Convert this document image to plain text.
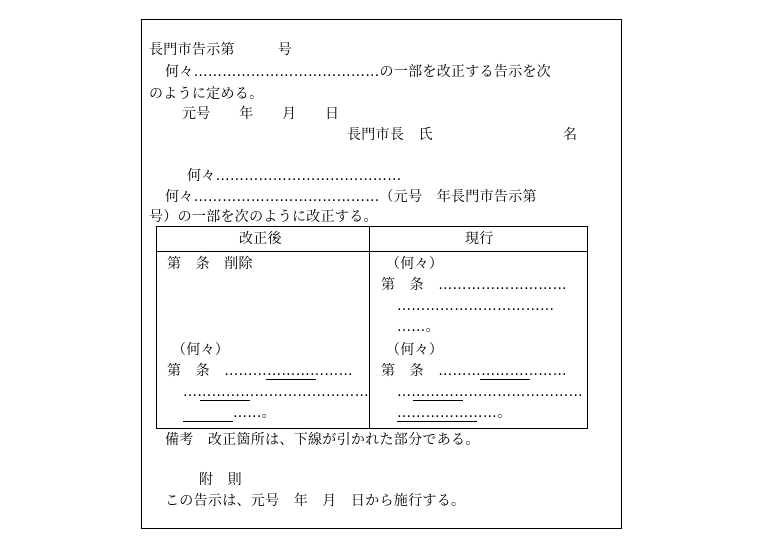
長門市告示第　　　号
何々…………………………………の一部を改正する告示を次
のように定める。
元号　　年　　月　　日
長門市長　氏	名
何々…………………………………
何々…………………………………（元号　年長門市告示第
号）の一部を次のように改正する。
改正後	現行
第　条　削除
（何々）
第　条　………………………
…………………………………
……。
（何々）
第　条　………………………
……………………………
……。
（何々）
第　条　………………………
…………………………………
…………………。
備考　改正箇所は、下線が引かれた部分である。
附　則
この告示は、元号　年　月　日から施行する。
